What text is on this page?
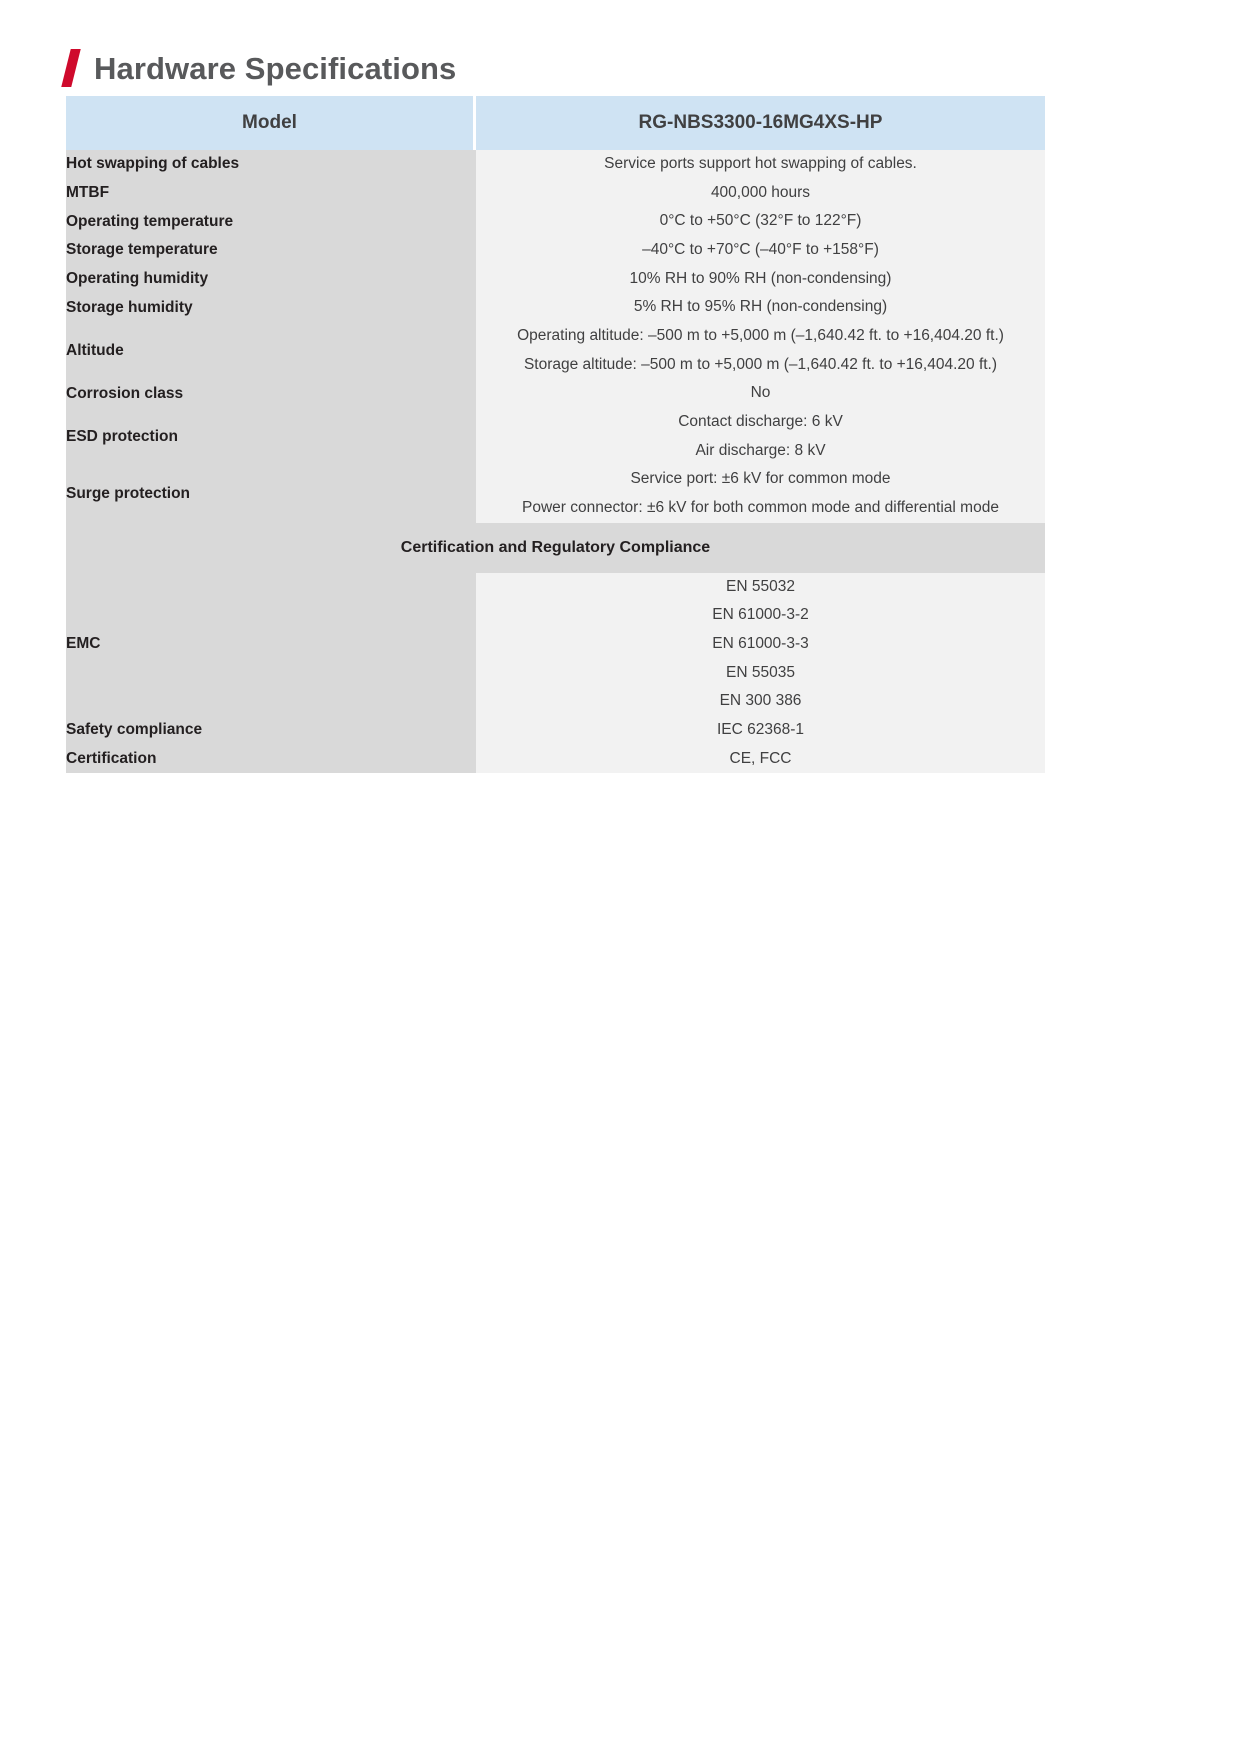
Hardware Specifications
Model	RG-NBS3300-16MG4XS-HP
Hot swapping of cables	Service ports support hot swapping of cables.

MTBF	400,000 hours

Operating temperature	0°C to +50°C (32°F to 122°F)

Storage temperature	–40°C to +70°C (–40°F to +158°F)

Operating humidity	10% RH to 90% RH (non-condensing)

Storage humidity	5% RH to 95% RH (non-condensing)

Altitude	Operating altitude: –500 m to +5,000 m (–1,640.42 ft. to +16,404.20 ft.)
Storage altitude: –500 m to +5,000 m (–1,640.42 ft. to +16,404.20 ft.)

Corrosion class	No

ESD protection	Contact discharge: 6 kV
Air discharge: 8 kV

Surge protection	Service port: ±6 kV for common mode
Power connector: ±6 kV for both common mode and differential mode

Certification and Regulatory Compliance	
EMC	EN 55032
EN 61000-3-2
EN 61000-3-3
EN 55035
EN 300 386

Safety compliance	IEC 62368-1

Certification	CE, FCC
